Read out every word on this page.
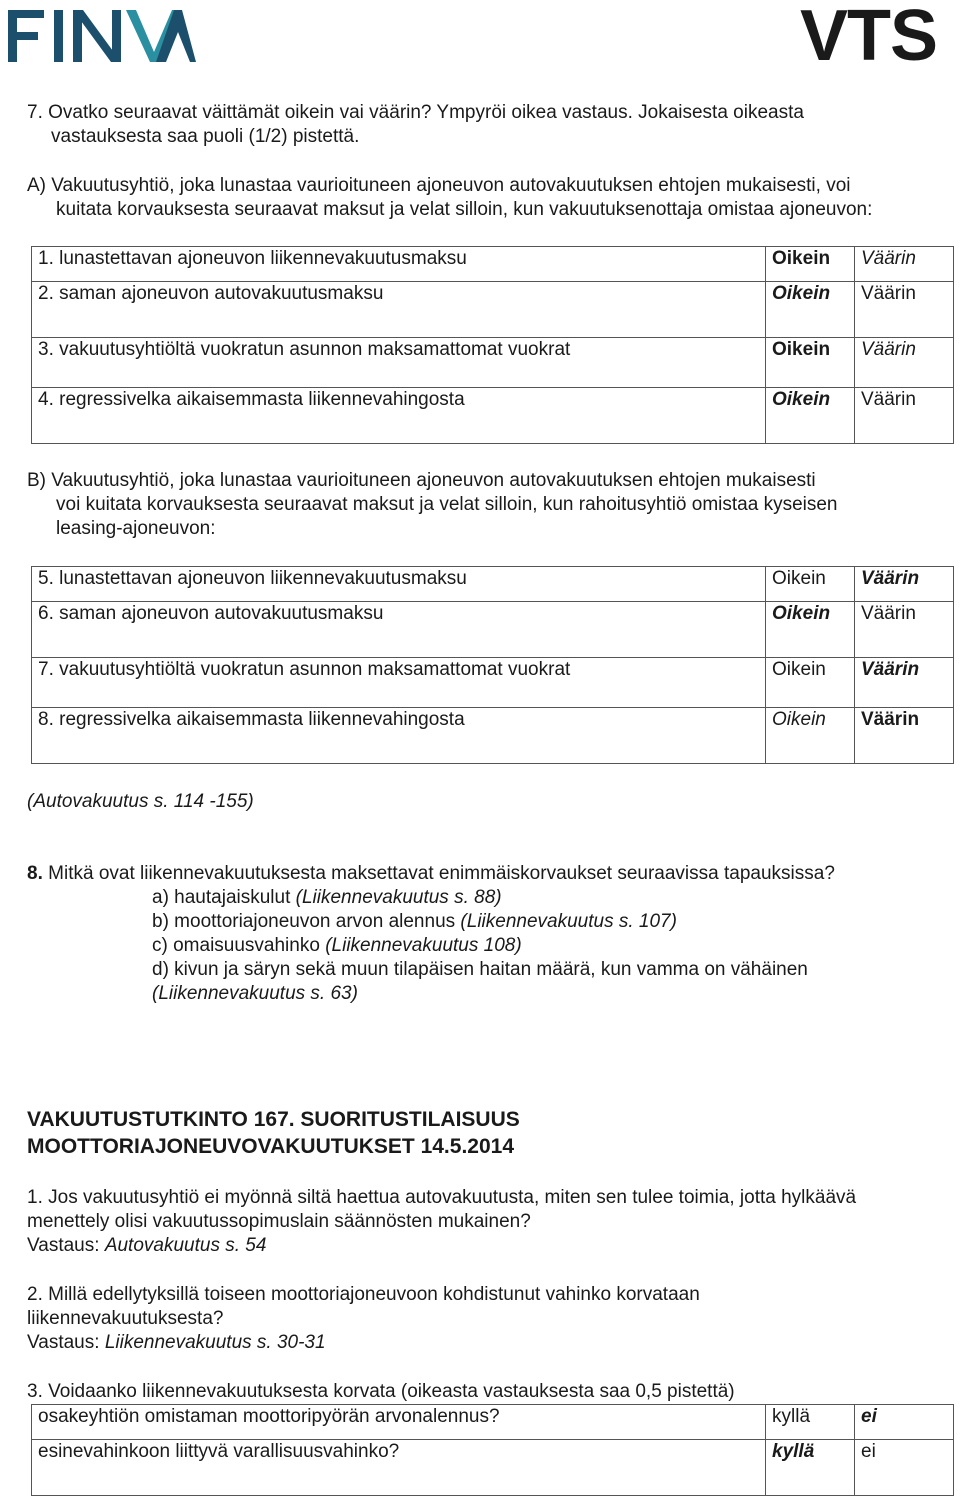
VTS
7. Ovatko seuraavat väittämät oikein vai väärin? Ympyröi oikea vastaus. Jokaisesta oikeasta
vastauksesta saa puoli (1/2) pistettä.
A) Vakuutusyhtiö, joka lunastaa vaurioituneen ajoneuvon autovakuutuksen ehtojen mukaisesti, voi
kuitata korvauksesta seuraavat maksut ja velat silloin, kun vakuutuksenottaja omistaa ajoneuvon:
1. lunastettavan ajoneuvon liikennevakuutusmaksu	Oikein	Väärin
2. saman ajoneuvon autovakuutusmaksu	Oikein	Väärin
3. vakuutusyhtiöltä vuokratun asunnon maksamattomat vuokrat	Oikein	Väärin
4. regressivelka aikaisemmasta liikennevahingosta	Oikein	Väärin
B) Vakuutusyhtiö, joka lunastaa vaurioituneen ajoneuvon autovakuutuksen ehtojen mukaisesti
voi kuitata korvauksesta seuraavat maksut ja velat silloin, kun rahoitusyhtiö omistaa kyseisen
leasing-ajoneuvon:
5. lunastettavan ajoneuvon liikennevakuutusmaksu	Oikein	Väärin
6. saman ajoneuvon autovakuutusmaksu	Oikein	Väärin
7. vakuutusyhtiöltä vuokratun asunnon maksamattomat vuokrat	Oikein	Väärin
8. regressivelka aikaisemmasta liikennevahingosta	Oikein	Väärin
(Autovakuutus s. 114 -155)
8. Mitkä ovat liikennevakuutuksesta maksettavat enimmäiskorvaukset seuraavissa tapauksissa?
a) hautajaiskulut (Liikennevakuutus s. 88)
b) moottoriajoneuvon arvon alennus (Liikennevakuutus s. 107)
c) omaisuusvahinko (Liikennevakuutus 108)
d) kivun ja säryn sekä muun tilapäisen haitan määrä, kun vamma on vähäinen
(Liikennevakuutus s. 63)
VAKUUTUSTUTKINTO 167. SUORITUSTILAISUUS
MOOTTORIAJONEUVOVAKUUTUKSET 14.5.2014
1. Jos vakuutusyhtiö ei myönnä siltä haettua autovakuutusta, miten sen tulee toimia, jotta hylkäävä
menettely olisi vakuutussopimuslain säännösten mukainen?
Vastaus: Autovakuutus s. 54
2. Millä edellytyksillä toiseen moottoriajoneuvoon kohdistunut vahinko korvataan
liikennevakuutuksesta?
Vastaus: Liikennevakuutus s. 30-31
3. Voidaanko liikennevakuutuksesta korvata (oikeasta vastauksesta saa 0,5 pistettä)
osakeyhtiön omistaman moottoripyörän arvonalennus?	kyllä	ei
esinevahinkoon liittyvä varallisuusvahinko?	kyllä	ei
